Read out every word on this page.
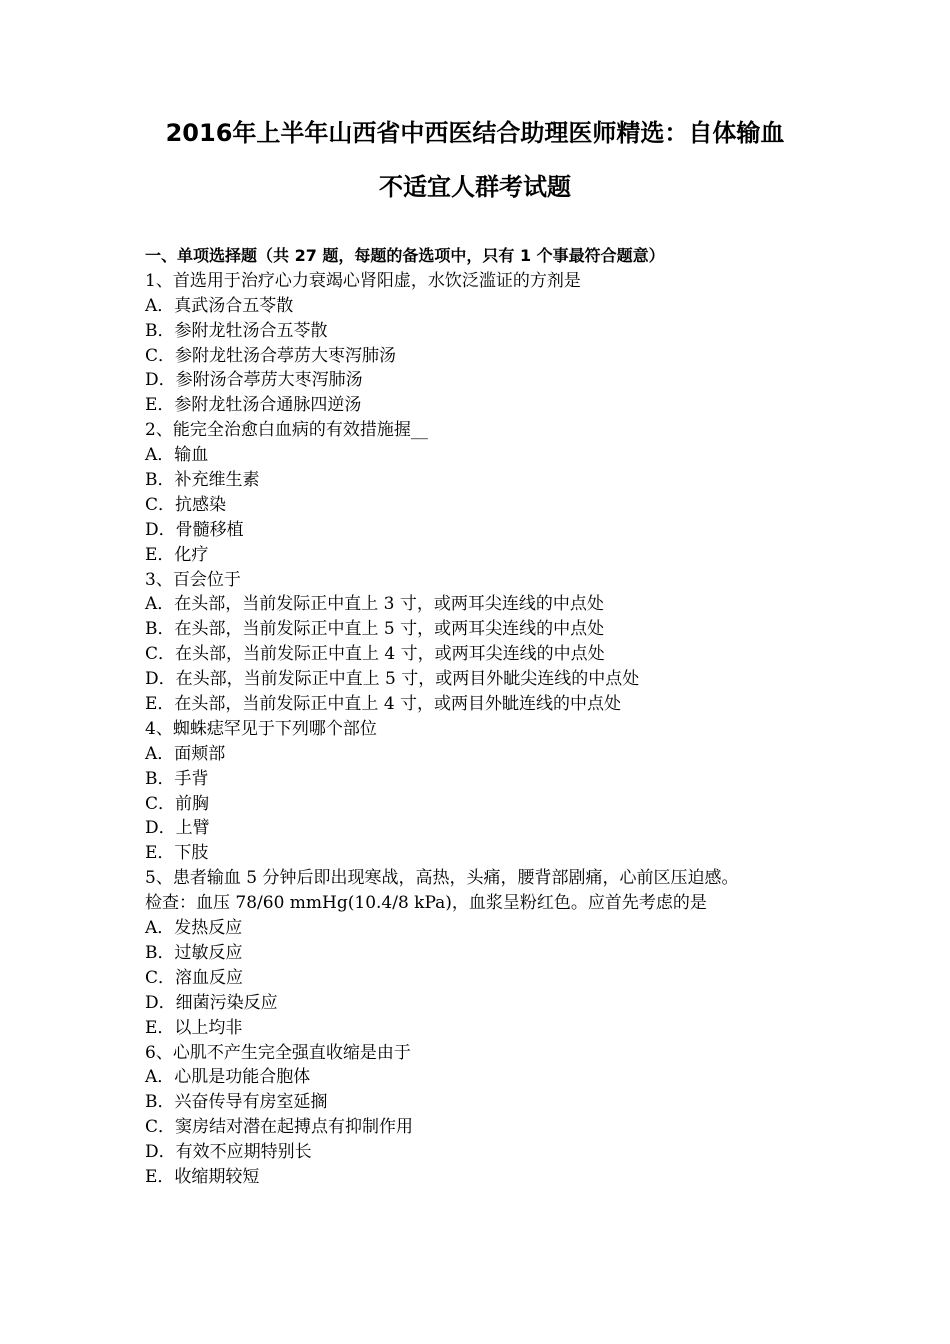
2016年上半年山西省中西医结合助理医师精选：自体输血
不适宜人群考试题
一、单项选择题（共 27 题，每题的备选项中，只有 1 个事最符合题意）
1、首选用于治疗心力衰竭心肾阳虚，水饮泛滥证的方剂是
A．真武汤合五苓散
B．参附龙牡汤合五苓散
C．参附龙牡汤合葶苈大枣泻肺汤
D．参附汤合葶苈大枣泻肺汤
E．参附龙牡汤合通脉四逆汤
2、能完全治愈白血病的有效措施握__
A．输血
B．补充维生素
C．抗感染
D．骨髓移植
E．化疗
3、百会位于
A．在头部，当前发际正中直上 3 寸，或两耳尖连线的中点处
B．在头部，当前发际正中直上 5 寸，或两耳尖连线的中点处
C．在头部，当前发际正中直上 4 寸，或两耳尖连线的中点处
D．在头部，当前发际正中直上 5 寸，或两目外眦尖连线的中点处
E．在头部，当前发际正中直上 4 寸，或两目外眦连线的中点处
4、蜘蛛痣罕见于下列哪个部位
A．面颊部
B．手背
C．前胸
D．上臂
E．下肢
5、患者输血 5 分钟后即出现寒战，高热，头痛，腰背部剧痛，心前区压迫感。
检查：血压 78/60 mmHg(10.4/8 kPa)，血浆呈粉红色。应首先考虑的是
A．发热反应
B．过敏反应
C．溶血反应
D．细菌污染反应
E．以上均非
6、心肌不产生完全强直收缩是由于
A．心肌是功能合胞体
B．兴奋传导有房室延搁
C．窦房结对潜在起搏点有抑制作用
D．有效不应期特别长
E．收缩期较短
